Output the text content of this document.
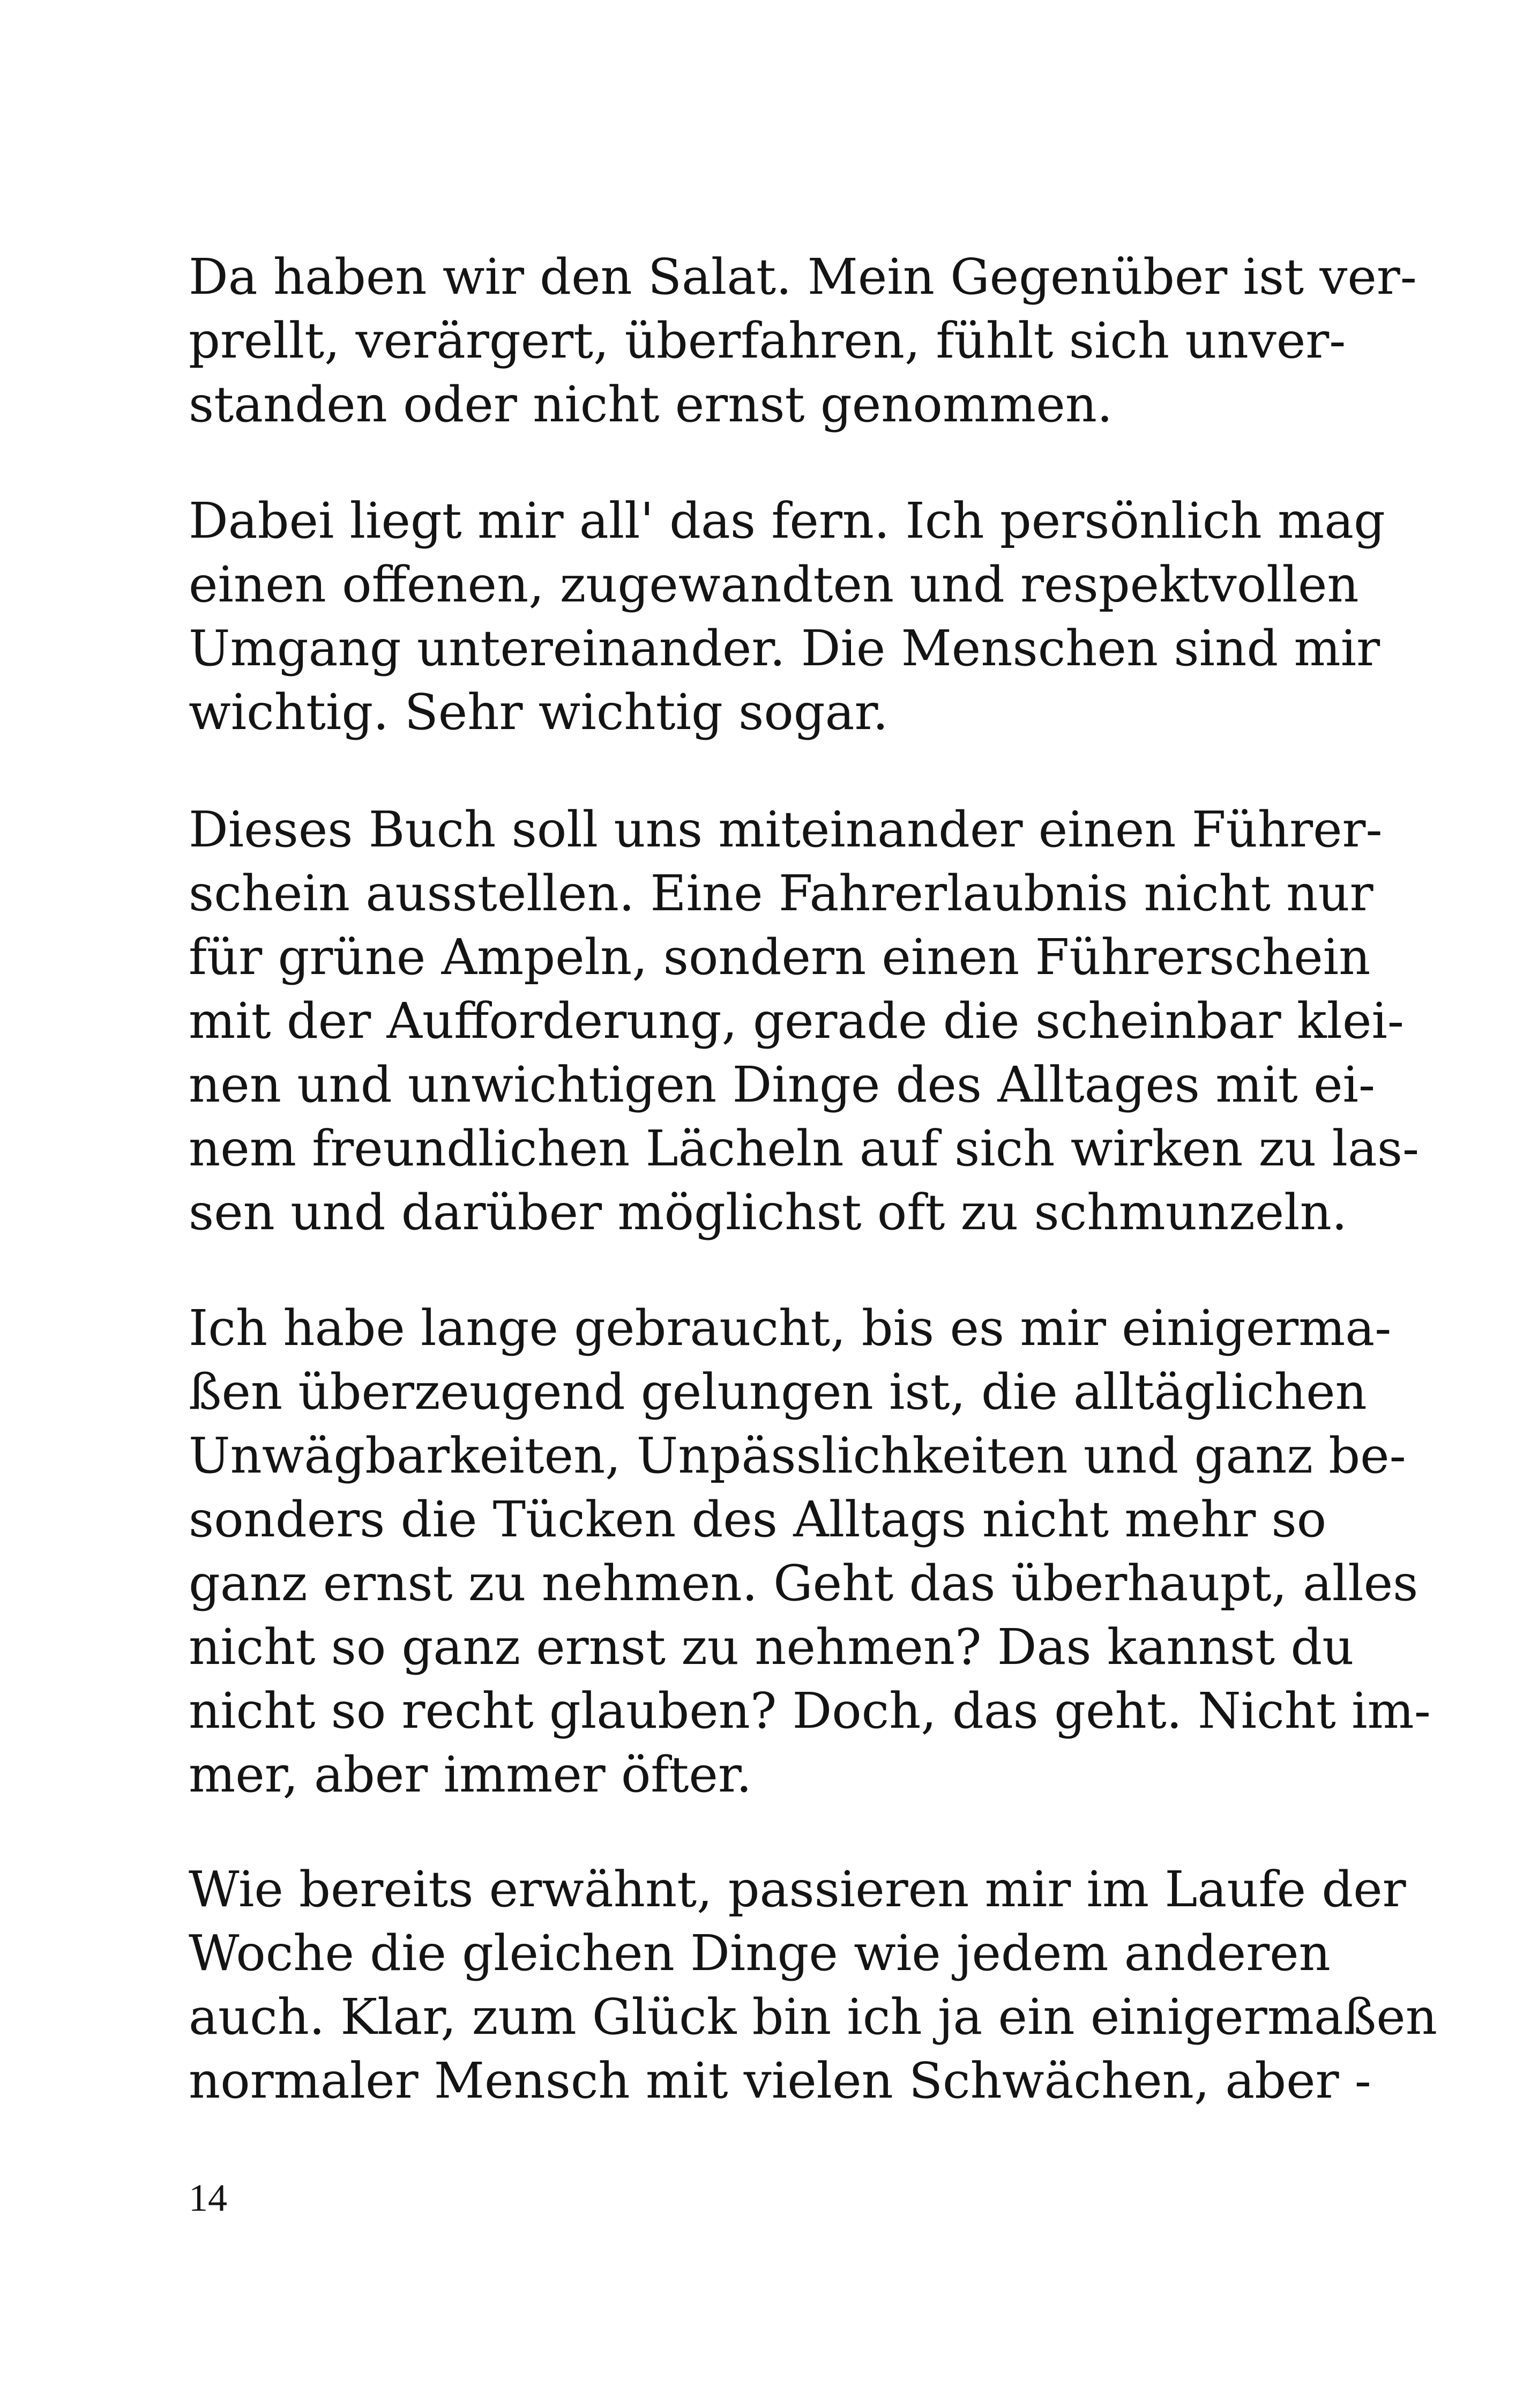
Da haben wir den Salat. Mein Gegenüber ist ver-
prellt, verärgert, überfahren, fühlt sich unver-
standen oder nicht ernst genommen.
Dabei liegt mir all' das fern. Ich persönlich mag
einen offenen, zugewandten und respektvollen
Umgang untereinander. Die Menschen sind mir
wichtig. Sehr wichtig sogar.
Dieses Buch soll uns miteinander einen Führer-
schein ausstellen. Eine Fahrerlaubnis nicht nur
für grüne Ampeln, sondern einen Führerschein
mit der Aufforderung, gerade die scheinbar klei-
nen und unwichtigen Dinge des Alltages mit ei-
nem freundlichen Lächeln auf sich wirken zu las-
sen und darüber möglichst oft zu schmunzeln.
Ich habe lange gebraucht, bis es mir einigerma-
ßen überzeugend gelungen ist, die alltäglichen
Unwägbarkeiten, Unpässlichkeiten und ganz be-
sonders die Tücken des Alltags nicht mehr so
ganz ernst zu nehmen. Geht das überhaupt, alles
nicht so ganz ernst zu nehmen? Das kannst du
nicht so recht glauben? Doch, das geht. Nicht im-
mer, aber immer öfter.
Wie bereits erwähnt, passieren mir im Laufe der
Woche die gleichen Dinge wie jedem anderen
auch. Klar, zum Glück bin ich ja ein einigermaßen
normaler Mensch mit vielen Schwächen, aber -
14
